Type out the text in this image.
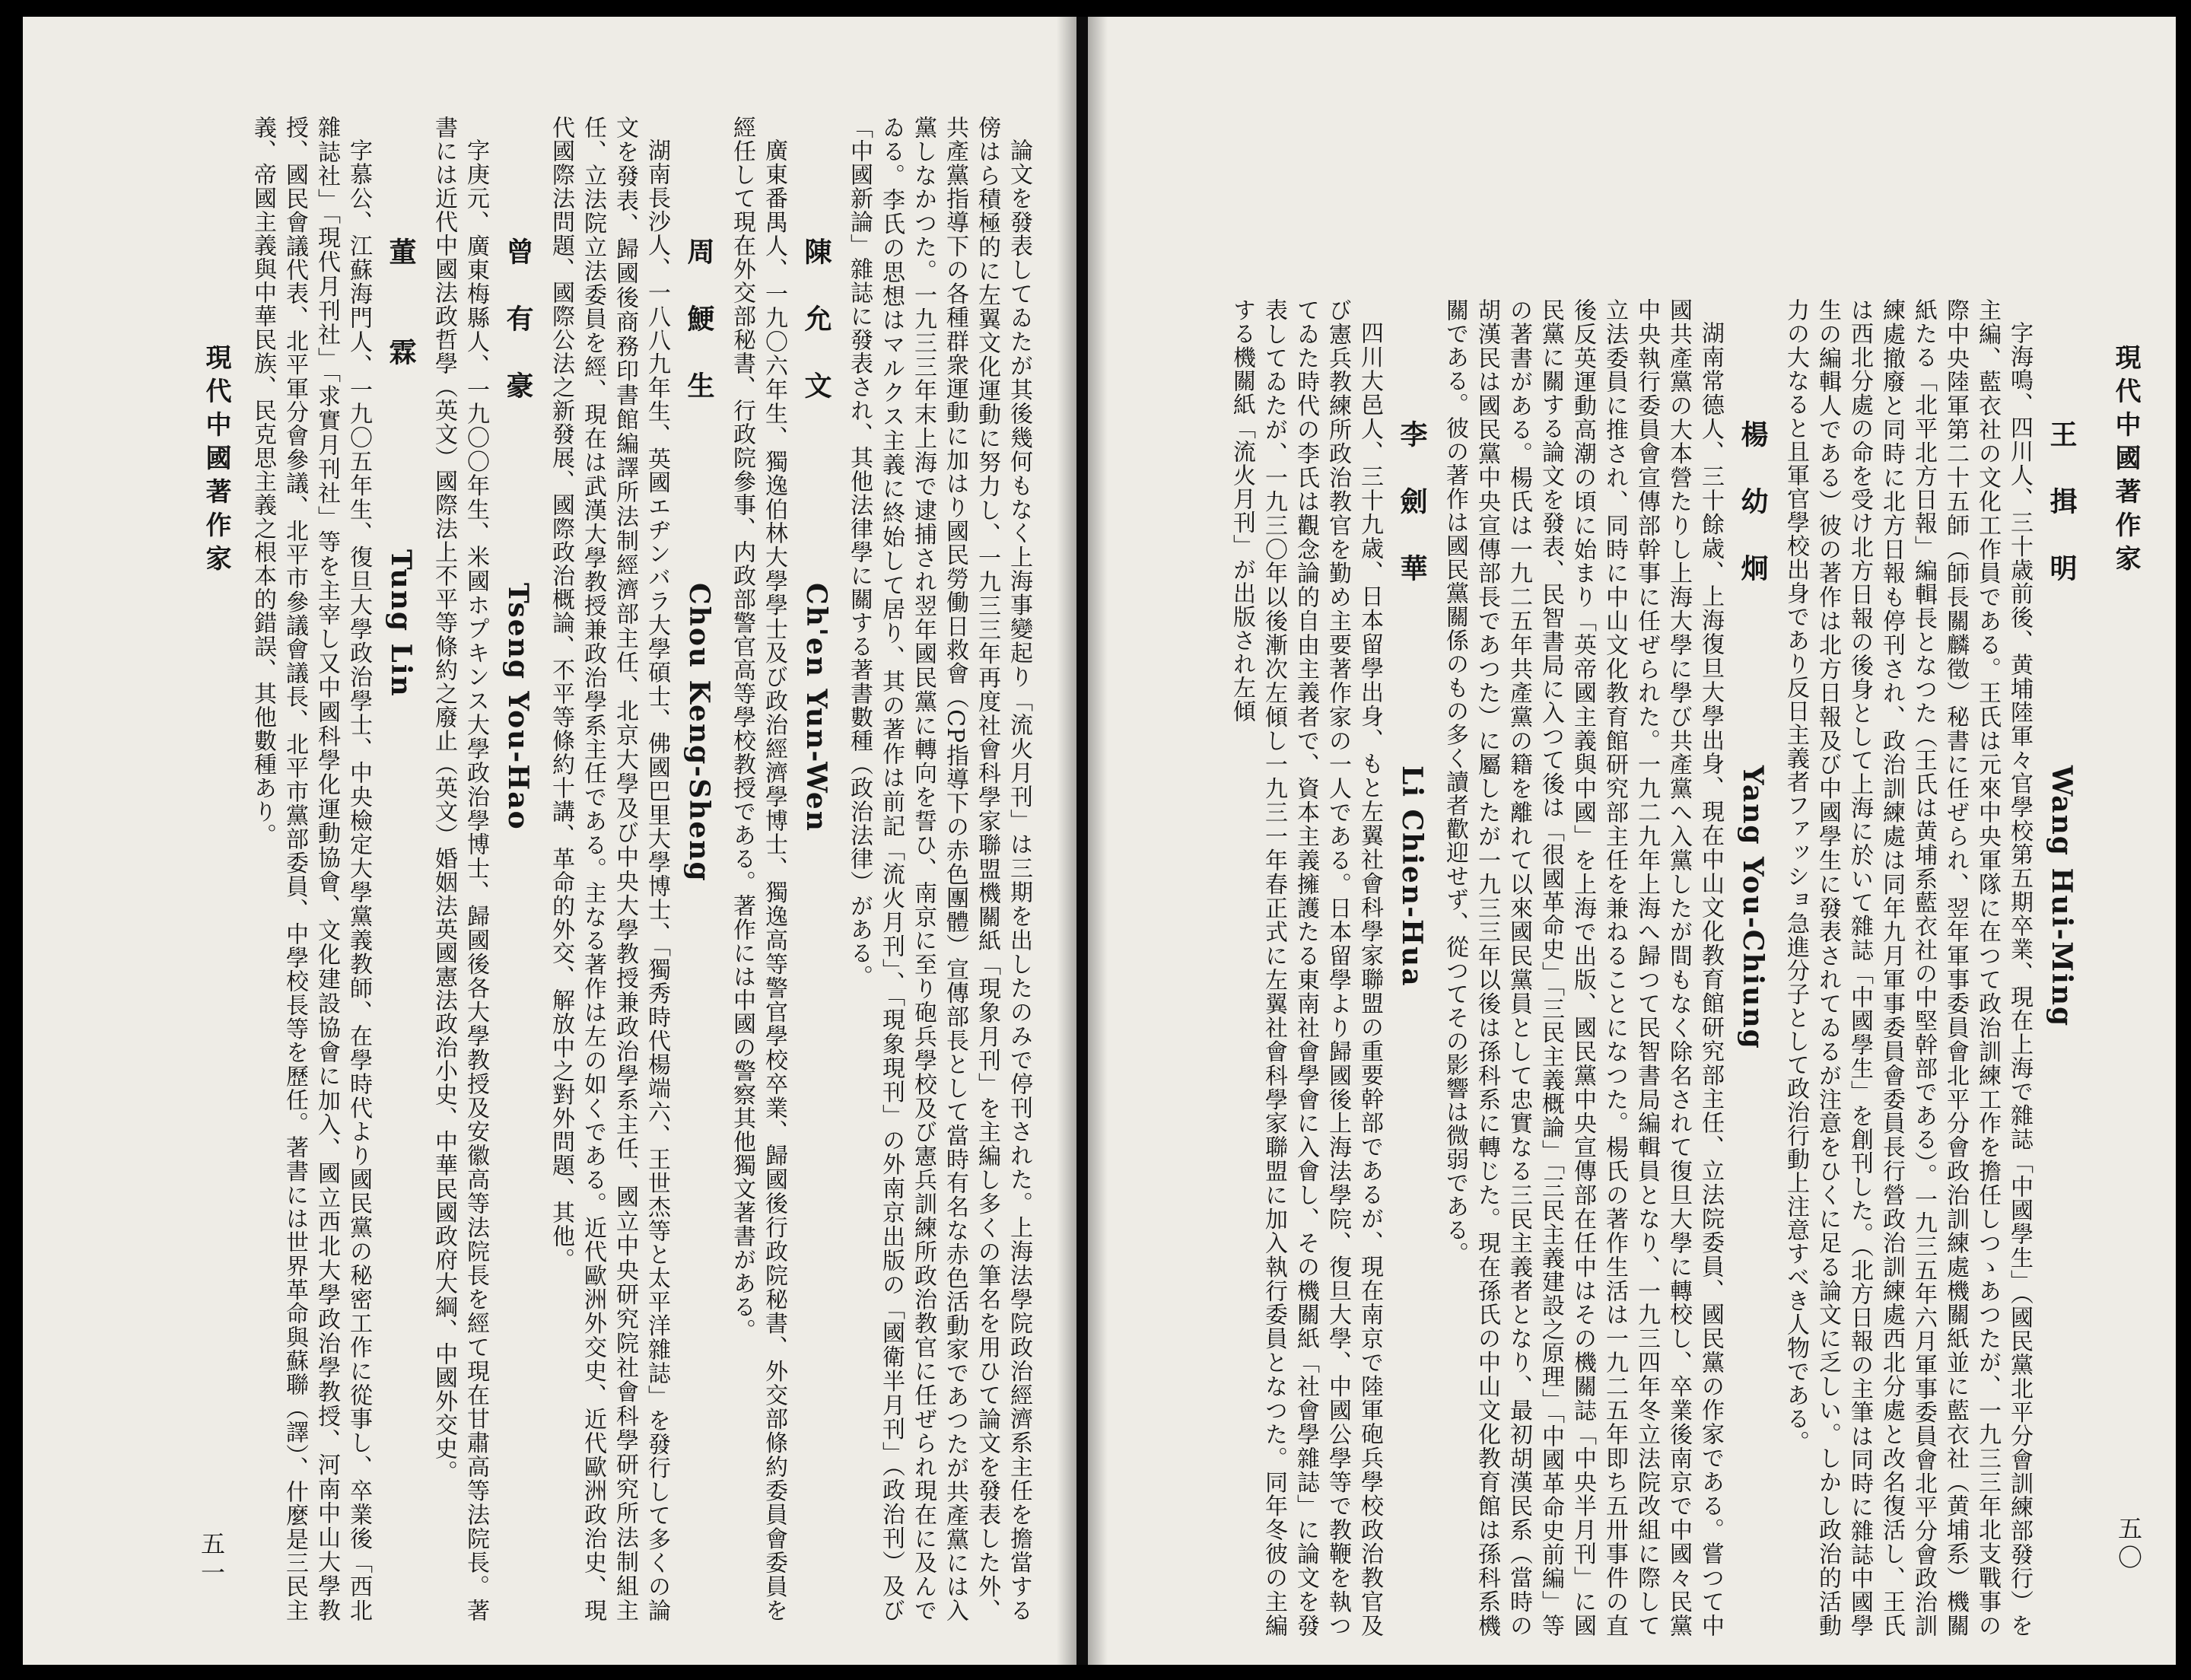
現代中國著作家
五一	論文を發表してゐたが其後幾何もなく上海事變起り「流火月刊」は三期を出したのみで停刊された。上海法學院政治經濟系主任を擔當する傍はら積極的に左翼文化運動に努力し、一九三三年再度社會科學家聯盟機關紙「現象月刊」を主編し多くの筆名を用ひて論文を發表した外、共產黨指導下の各種群衆運動に加はり國民勞働日救會（CP指導下の赤色團體）宣傳部長として當時有名な赤色活動家であつたが共產黨には入黨しなかつた。一九三三年末上海で逮捕され翌年國民黨に轉向を誓ひ、南京に至り砲兵學校及び憲兵訓練所政治教官に任ぜられ現在に及んでゐる。李氏の思想はマルクス主義に終始して居り、其の著作は前記「流火月刊」、「現象現刊」の外南京出版の「國衛半月刊」（政治刊）及び「中國新論」雜誌に發表され、其他法律學に關する著書數種（政治法律）がある。

陳　允　文　Ch'en Yun-Wen

廣東番禺人、一九〇六年生、獨逸伯林大學學士及び政治經濟學博士、獨逸高等警官學校卒業、歸國後行政院秘書、外交部條約委員會委員を經任して現在外交部秘書、行政院參事、内政部警官高等學校教授である。著作には中國の警察其他獨文著書がある。

周　鯁　生　Chou Keng-Sheng

湖南長沙人、一八八九年生、英國エヂンバラ大學碩士、佛國巴里大學博士、「獨秀時代楊端六、王世杰等と太平洋雜誌」を發行して多くの論文を發表、歸國後商務印書館編譯所法制經濟部主任、北京大學及び中央大學教授兼政治學系主任、國立中央研究院社會科學研究所法制組主任、立法院立法委員を經、現在は武漢大學教授兼政治學系主任である。主なる著作は左の如くである。近代歐洲外交史、近代歐洲政治史、現代國際法問題、國際公法之新發展、國際政治概論、不平等條約十講、革命的外交、解放中之對外問題、其他。

曾　有　豪　Tseng You-Hao

字庚元、廣東梅縣人、一九〇〇年生、米國ホプキンス大學政治學博士、歸國後各大學教授及安徽高等法院長を經て現在甘肅高等法院長。著書には近代中國法政哲學（英文）國際法上不平等條約之廢止（英文）婚姻法英國憲法政治小史、中華民國政府大綱、中國外交史。

董　　霖　Tung Lin

字慕公、江蘇海門人、一九〇五年生、復旦大學政治學士、中央檢定大學黨義教師、在學時代より國民黨の秘密工作に從事し、卒業後「西北雜誌社」「現代月刊社」「求實月刊社」等を主宰し又中國科學化運動協會、文化建設協會に加入、國立西北大學政治學教授、河南中山大學教授、國民會議代表、北平軍分會參議、北平市參議會議長、北平市黨部委員、中學校長等を歷任。著書には世界革命與蘇聯（譯）、什麼是三民主義、帝國主義與中華民族、民克思主義之根本的錯誤、其他數種あり。	現代中國著作家
五〇
王　揖　明　Wang Hui-Ming

字海鳴、四川人、三十歳前後、黄埔陸軍々官學校第五期卒業、現在上海で雜誌「中國學生」（國民黨北平分會訓練部發行）を主編、藍衣社の文化工作員である。王氏は元來中央軍隊に在つて政治訓練工作を擔任しつゝあつたが、一九三三年北支戰事の際中央陸軍第二十五師（師長關麟徵）秘書に任ぜられ、翌年軍事委員會北平分會政治訓練處機關紙並に藍衣社（黄埔系）機關紙たる「北平北方日報」編輯長となつた（王氏は黄埔系藍衣社の中堅幹部である）。一九三五年六月軍事委員會北平分會政治訓練處撤廢と同時に北方日報も停刊され、政治訓練處は同年九月軍事委員會委員長行營政治訓練處西北分處と改名復活し、王氏は西北分處の命を受け北方日報の後身として上海に於いて雜誌「中國學生」を創刊した。（北方日報の主筆は同時に雜誌中國學生の編輯人である）彼の著作は北方日報及び中國學生に發表されてゐるが注意をひくに足る論文に乏しい。しかし政治的活動力の大なると且軍官學校出身であり反日主義者ファッショ急進分子として政治行動上注意すべき人物である。

楊　幼　炯　Yang You-Chiung

湖南常德人、三十餘歳、上海復旦大學出身、現在中山文化教育館研究部主任、立法院委員、國民黨の作家である。嘗つて中國共產黨の大本營たりし上海大學に學び共產黨へ入黨したが間もなく除名されて復旦大學に轉校し、卒業後南京で中國々民黨中央執行委員會宣傳部幹事に任ぜられた。一九二九年上海へ歸つて民智書局編輯員となり、一九三四年冬立法院改組に際して立法委員に推され、同時に中山文化教育館研究部主任を兼ねることになつた。楊氏の著作生活は一九二五年即ち五卅事件の直後反英運動高潮の頃に始まり「英帝國主義與中國」を上海で出版、國民黨中央宣傳部在任中はその機關誌「中央半月刊」に國民黨に關する論文を發表、民智書局に入つて後は「很國革命史」「三民主義概論」「三民主義建設之原理」「中國革命史前編」等の著書がある。楊氏は一九二五年共產黨の籍を離れて以來國民黨員として忠實なる三民主義者となり、最初胡漢民系（當時の胡漢民は國民黨中央宣傳部長であつた）に屬したが一九三三年以後は孫科系に轉じた。現在孫氏の中山文化教育館は孫科系機關である。彼の著作は國民黨關係のもの多く讀者歡迎せず、從つてその影響は微弱である。

李　劍　華　Li Chien-Hua

四川大邑人、三十九歳、日本留學出身、もと左翼社會科學家聯盟の重要幹部であるが、現在南京で陸軍砲兵學校政治教官及び憲兵教練所政治教官を勤め主要著作家の一人である。日本留學より歸國後上海法學院、復旦大學、中國公學等で教鞭を執つてゐた時代の李氏は觀念論的自由主義者で、資本主義擁護たる東南社會學會に入會し、その機關紙「社會學雜誌」に論文を發表してゐたが、一九三〇年以後漸次左傾し一九三一年春正式に左翼社會科學家聯盟に加入執行委員となつた。同年冬彼の主編する機關紙「流火月刊」が出版され左傾
